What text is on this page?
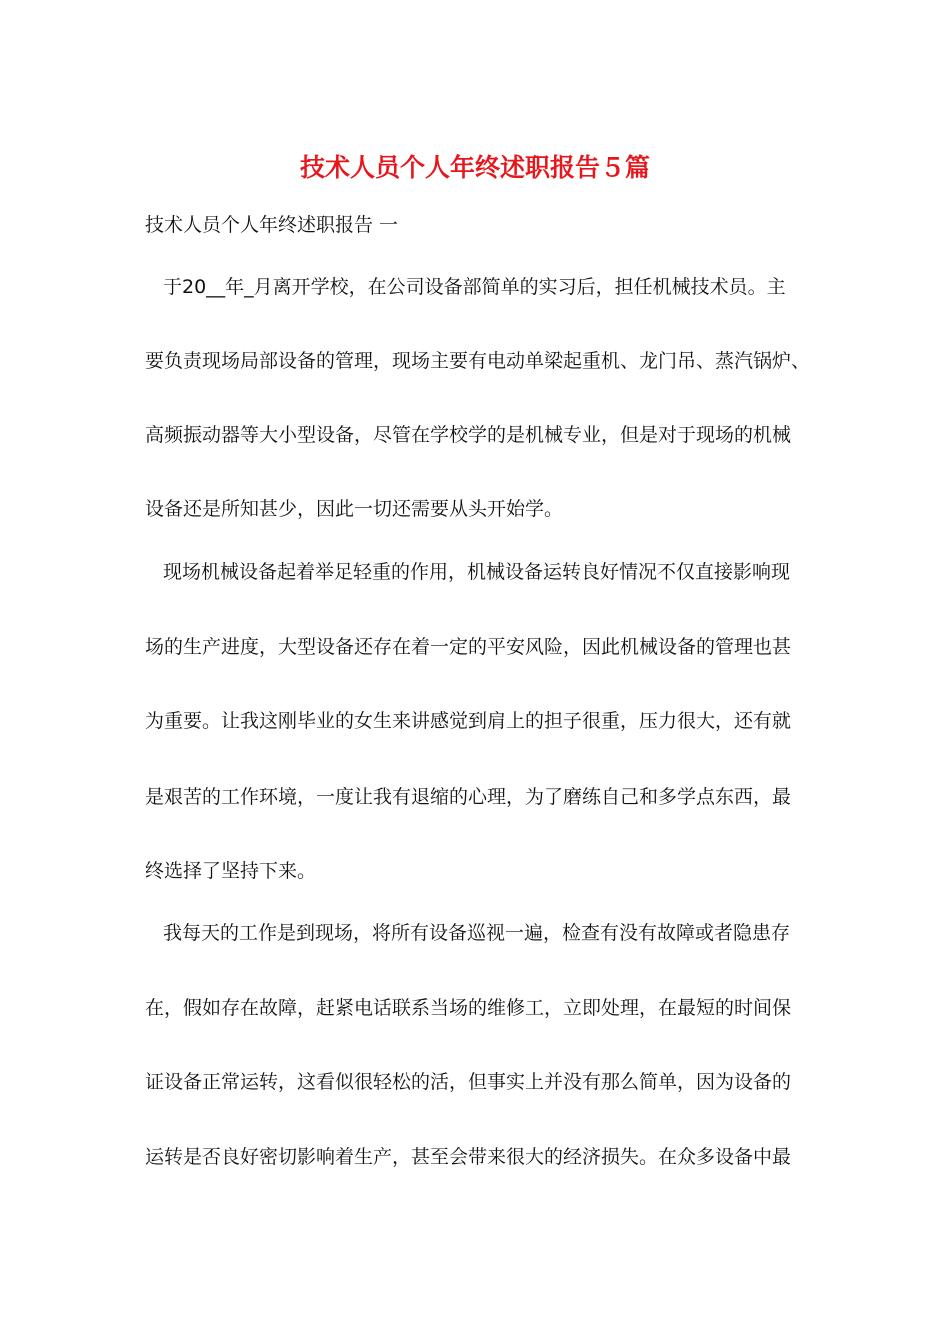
技术人员个人年终述职报告５篇
技术人员个人年终述职报告 一
于20__年_月离开学校，在公司设备部简单的实习后，担任机械技术员。主
要负责现场局部设备的管理，现场主要有电动单梁起重机、龙门吊、蒸汽锅炉、
高频振动器等大小型设备，尽管在学校学的是机械专业，但是对于现场的机械
设备还是所知甚少，因此一切还需要从头开始学。
现场机械设备起着举足轻重的作用，机械设备运转良好情况不仅直接影响现
场的生产进度，大型设备还存在着一定的平安风险，因此机械设备的管理也甚
为重要。让我这刚毕业的女生来讲感觉到肩上的担子很重，压力很大，还有就
是艰苦的工作环境，一度让我有退缩的心理，为了磨练自己和多学点东西，最
终选择了坚持下来。
我每天的工作是到现场，将所有设备巡视一遍，检查有没有故障或者隐患存
在，假如存在故障，赶紧电话联系当场的维修工，立即处理，在最短的时间保
证设备正常运转，这看似很轻松的活，但事实上并没有那么简单，因为设备的
运转是否良好密切影响着生产，甚至会带来很大的经济损失。在众多设备中最
